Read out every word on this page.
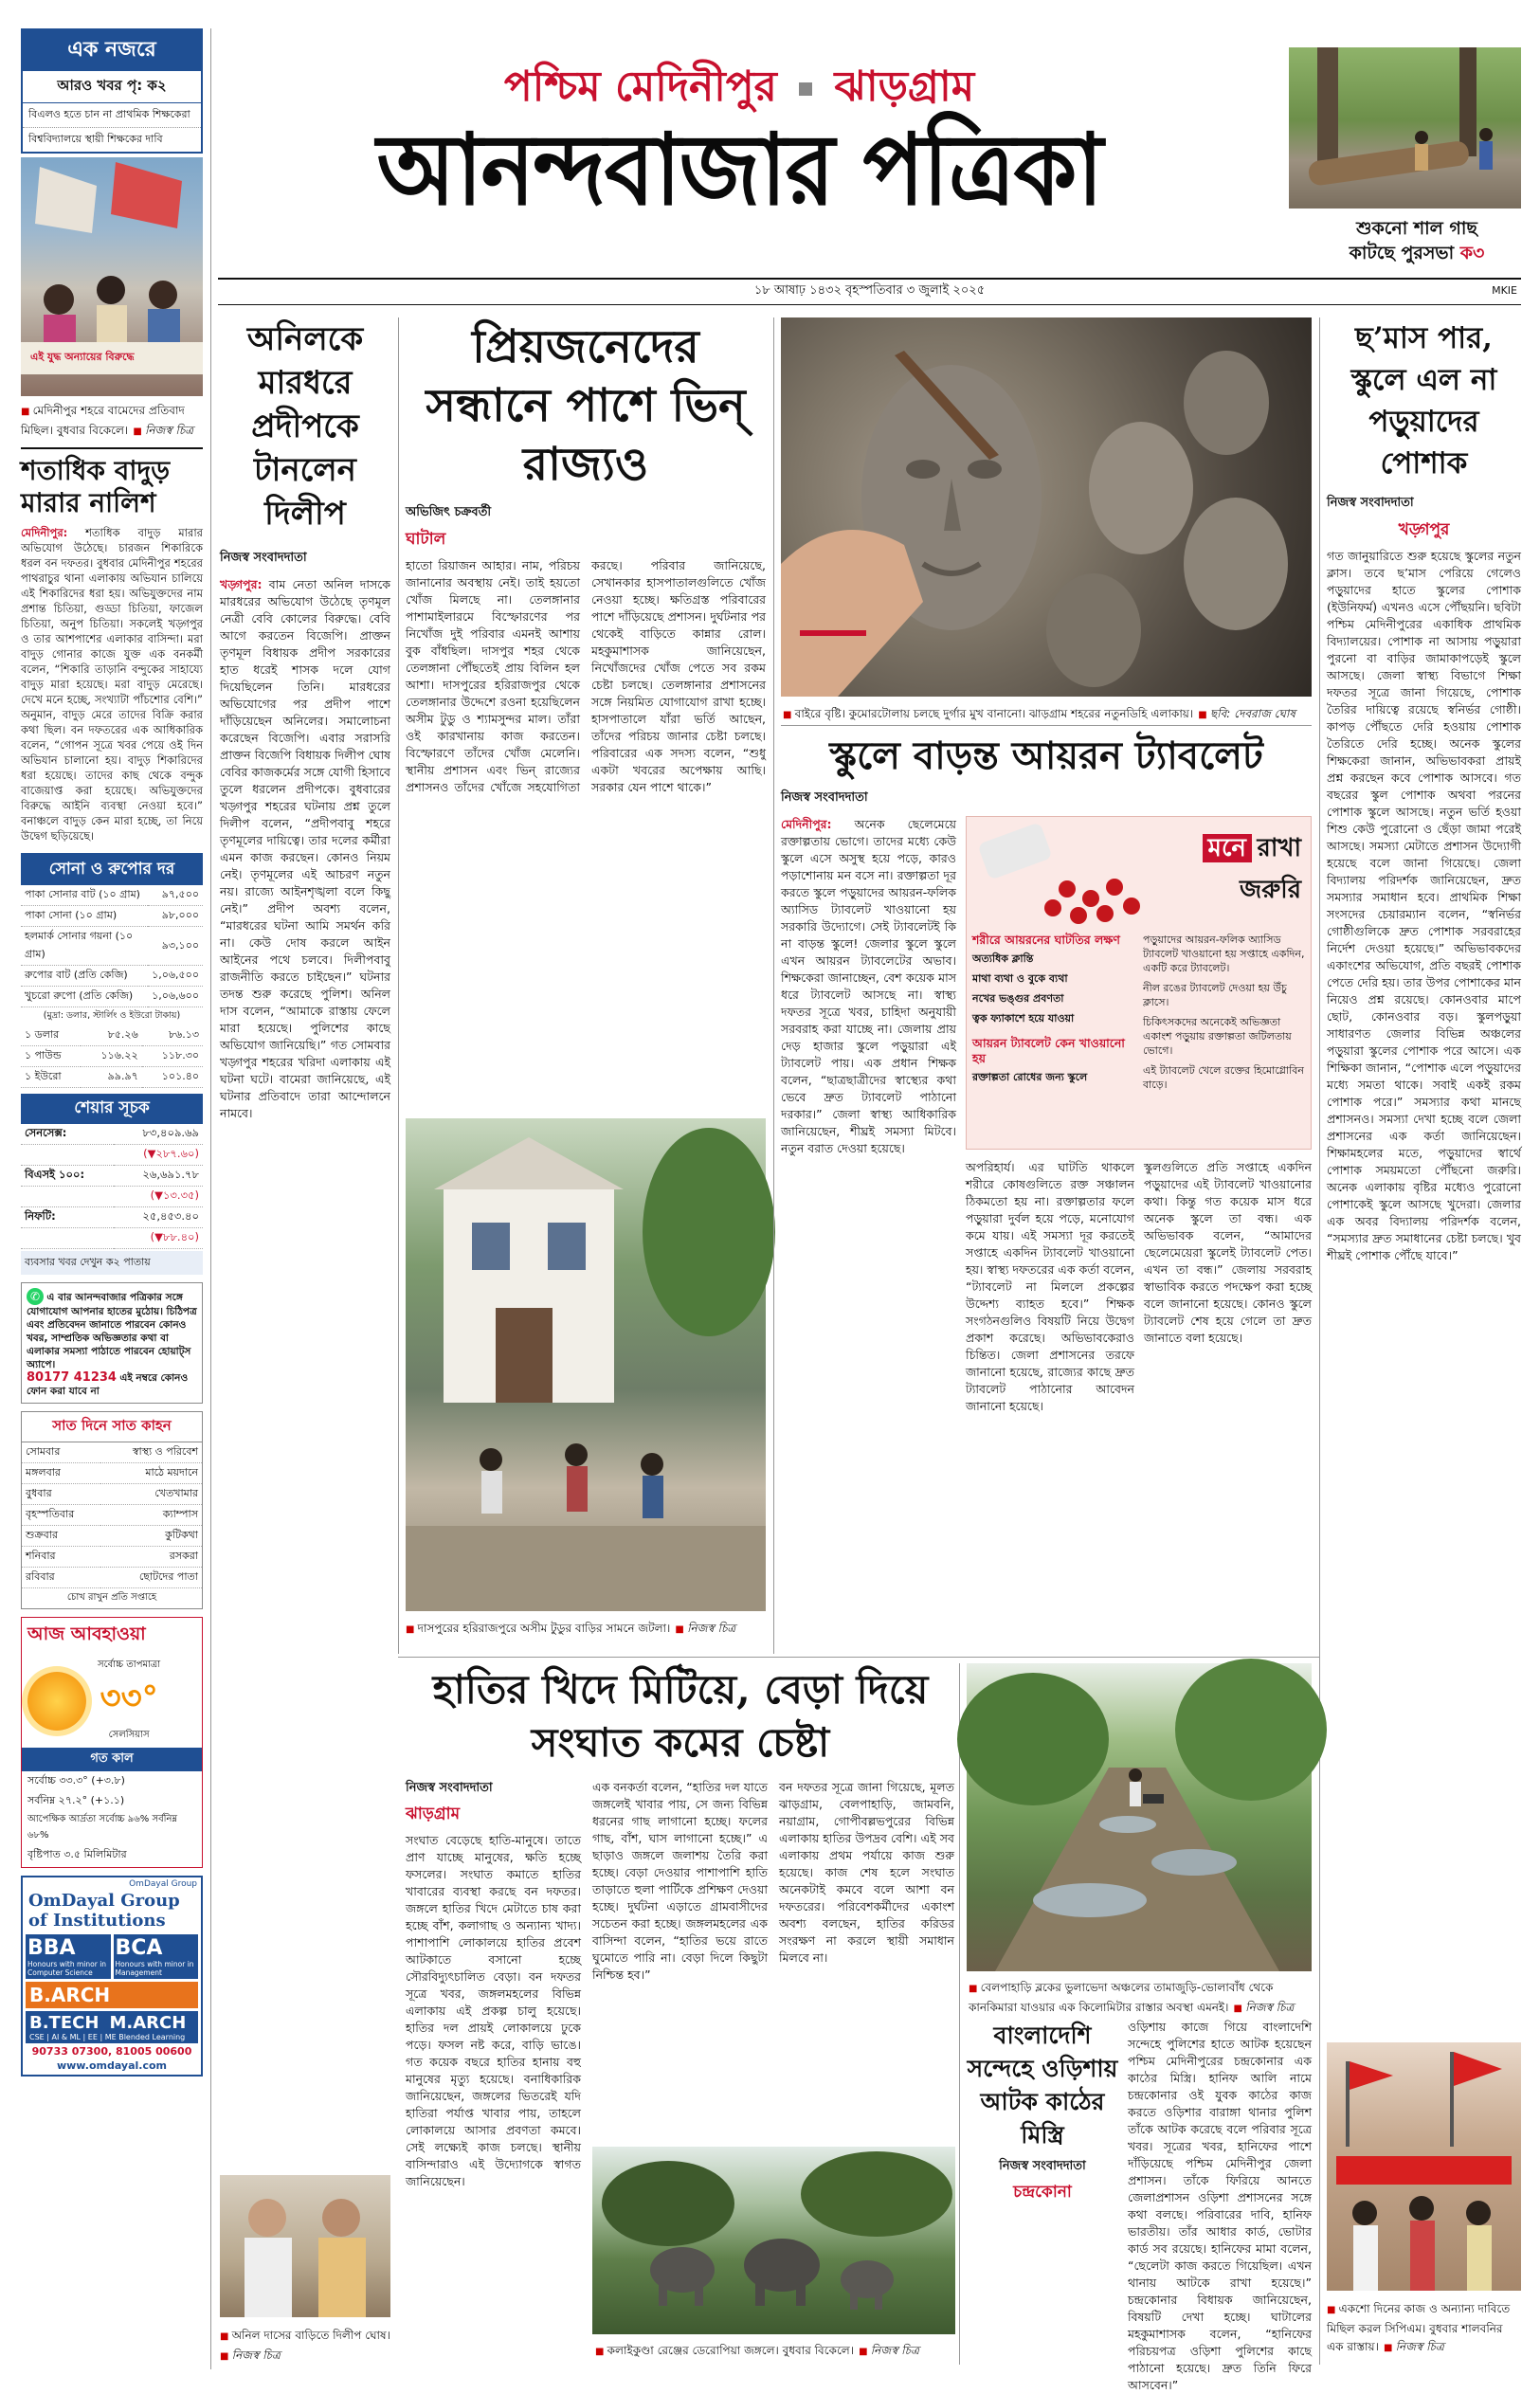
এক নজরে
আরও খবর পৃ: ক২
বিএলও হতে চান না প্রাথমিক শিক্ষকেরা
বিশ্ববিদ্যালয়ে স্থায়ী শিক্ষকের দাবি
এই যুদ্ধ অন্যায়ের বিরুদ্ধে
■ মেদিনীপুর শহরে বামেদের প্রতিবাদ মিছিল। বুধবার বিকেলে। ■ নিজস্ব চিত্র
শতাধিক বাদুড় মারার নালিশ
মেদিনীপুর: শতাধিক বাদুড় মারার অভিযোগ উঠেছে। চারজন শিকারিকে ধরল বন দফতর। বুধবার মেদিনীপুর শহরের পাথরাচুর থানা এলাকায় অভিযান চালিয়ে এই শিকারিদের ধরা হয়। অভিযুক্তদের নাম প্রশান্ত চিতিয়া, গুড্ডা চিতিয়া, ফাজেল চিতিয়া, অনুপ চিতিয়া। সকলেই খড়্গপুর ও তার আশপাশের এলাকার বাসিন্দা। মরা বাদুড় গোনার কাজে যুক্ত এক বনকর্মী বলেন, “শিকারি তাড়ানি বন্দুকের সাহায্যে বাদুড় মারা হয়েছে। মরা বাদুড় মেরেছে। দেখে মনে হচ্ছে, সংখ্যাটা পাঁচশোর বেশি।” অনুমান, বাদুড় মেরে তাদের বিক্রি করার কথা ছিল। বন দফতরের এক আধিকারিক বলেন, “গোপন সূত্রে খবর পেয়ে ওই দিন অভিযান চালানো হয়। বাদুড় শিকারিদের ধরা হয়েছে। তাদের কাছ থেকে বন্দুক বাজেয়াপ্ত করা হয়েছে। অভিযুক্তদের বিরুদ্ধে আইনি ব্যবস্থা নেওয়া হবে।” বনাঞ্চলে বাদুড় কেন মারা হচ্ছে, তা নিয়ে উদ্বেগ ছড়িয়েছে।
সোনা ও রুপোর দর
পাকা সোনার বাট (১০ গ্রাম)	৯৭,৫০০
পাকা সোনা (১০ গ্রাম)	৯৮,০০০
হলমার্ক সোনার গয়না (১০ গ্রাম)	৯৩,১০০
রুপোর বাট (প্রতি কেজি)	১,০৬,৫০০
খুচরো রুপো (প্রতি কেজি)	১,০৬,৬০০
(মুদ্রা: ডলার, স্টার্লিং ও ইউরো টাকায়)
১ ডলার	৮৫.২৬	৮৬.১৩
১ পাউন্ড	১১৬.২২	১১৮.৩০
১ ইউরো	৯৯.৯৭	১০১.৪০
শেয়ার সূচক
সেনসেক্স:	৮৩,৪০৯.৬৯
	(▼২৮৭.৬০)
বিএসই ১০০:	২৬,৬৯১.৭৮
	(▼১৩.৩৫)
নিফটি:	২৫,৪৫৩.৪০
	(▼৮৮.৪০)
ব্যবসার খবর দেখুন ক২ পাতায়
✆ এ বার আনন্দবাজার পত্রিকার সঙ্গে যোগাযোগ আপনার হাতের মুঠোয়। চিঠিপত্র এবং প্রতিবেদন জানাতে পারবেন কোনও খবর, সাম্প্রতিক অভিজ্ঞতার কথা বা এলাকার সমস্যা পাঠাতে পারবেন হোয়াট্স অ্যাপে।
80177 41234 এই নম্বরে কোনও ফোন করা যাবে না
সাত দিনে সাত কাহন
সোমবার	স্বাস্থ্য ও পরিবেশ
মঙ্গলবার	মাঠে ময়দানে
বুধবার	খেতখামার
বৃহস্পতিবার	ক্যাম্পাস
শুক্রবার	কুটিকথা
শনিবার	রসকরা
রবিবার	ছোটদের পাতা
চোখ রাখুন প্রতি সপ্তাহে
আজ আবহাওয়া
সর্বোচ্চ তাপমাত্রা
৩৩°
সেলসিয়াস
গত কাল
সর্বোচ্চ ৩৩.৩° (+৩.৮)
সর্বনিম্ন ২৭.২° (+১.১)
আপেক্ষিক আর্দ্রতা সর্বোচ্চ ৯৬% সর্বনিম্ন ৬৮%
বৃষ্টিপাত ৩.৫ মিলিমিটার
OmDayal Group
OmDayal Group of Institutions
BBA
Honours with minor in Computer Science
BCA
Honours with minor in Management
B.ARCH
B.TECH M.ARCH
CSE | AI & ML | EE | ME Blended Learning
90733 07300, 81005 00600
www.omdayal.com
পশ্চিম মেদিনীপুর ঝাড়গ্রাম
আনন্দবাজার পত্রিকা
শুকনো শাল গাছ
কাটছে পুরসভা ক৩
১৮ আষাঢ় ১৪৩২ বৃহস্পতিবার ৩ জুলাই ২০২৫	MKIE
অনিলকে মারধরে প্রদীপকে টানলেন দিলীপ
নিজস্ব সংবাদদাতা
খড়্গপুর: বাম নেতা অনিল দাসকে মারধরের অভিযোগ উঠেছে তৃণমূল নেত্রী বেবি কোলের বিরুদ্ধে। বেবি আগে করতেন বিজেপি। প্রাক্তন তৃণমূল বিধায়ক প্রদীপ সরকারের হাত ধরেই শাসক দলে যোগ দিয়েছিলেন তিনি। মারধরের অভিযোগের পর প্রদীপ পাশে দাঁড়িয়েছেন অনিলের। সমালোচনা করেছেন বিজেপি। এবার সরাসরি প্রাক্তন বিজেপি বিধায়ক দিলীপ ঘোষ বেবির কাজকর্মের সঙ্গে যোগী হিসাবে তুলে ধরলেন প্রদীপকে। বুধবারের খড়্গপুর শহরের ঘটনায় প্রশ্ন তুলে দিলীপ বলেন, “প্রদীপবাবু শহরে তৃণমূলের দায়িত্বে। তার দলের কর্মীরা এমন কাজ করছেন। কোনও নিয়ম নেই। তৃণমূলের এই আচরণ নতুন নয়। রাজ্যে আইনশৃঙ্খলা বলে কিছু নেই।” প্রদীপ অবশ্য বলেন, “মারধরের ঘটনা আমি সমর্থন করি না। কেউ দোষ করলে আইন আইনের পথে চলবে। দিলীপবাবু রাজনীতি করতে চাইছেন।” ঘটনার তদন্ত শুরু করেছে পুলিশ। অনিল দাস বলেন, “আমাকে রাস্তায় ফেলে মারা হয়েছে। পুলিশের কাছে অভিযোগ জানিয়েছি।” গত সোমবার খড়্গপুর শহরের খরিদা এলাকায় এই ঘটনা ঘটে। বামেরা জানিয়েছে, এই ঘটনার প্রতিবাদে তারা আন্দোলনে নামবে।
■ অনিল দাসের বাড়িতে দিলীপ ঘোষ। ■ নিজস্ব চিত্র
প্রিয়জনেদের সন্ধানে পাশে ভিন্ রাজ্যও
অভিজিৎ চক্রবর্তী
ঘাটাল
হাতো রিয়াজন আহার। নাম, পরিচয় জানানোর অবস্থায় নেই। তাই হয়তো খোঁজ মিলছে না। তেলঙ্গানার পাশামাইলারমে বিস্ফোরণের পর নিখোঁজ দুই পরিবার এমনই আশায় বুক বাঁধছিল। দাসপুর শহর থেকে তেলঙ্গানা পৌঁছতেই প্রায় বিলিন হল আশা। দাসপুরের হরিরাজপুর থেকে তেলঙ্গানার উদ্দেশে রওনা হয়েছিলেন অসীম টুডু ও শ্যামসুন্দর মাল। তাঁরা ওই কারখানায় কাজ করতেন। বিস্ফোরণে তাঁদের খোঁজ মেলেনি। স্থানীয় প্রশাসন এবং ভিন্ রাজ্যের প্রশাসনও তাঁদের খোঁজে সহযোগিতা করছে। পরিবার জানিয়েছে, সেখানকার হাসপাতালগুলিতে খোঁজ নেওয়া হচ্ছে। ক্ষতিগ্রস্ত পরিবারের পাশে দাঁড়িয়েছে প্রশাসন। দুর্ঘটনার পর থেকেই বাড়িতে কান্নার রোল। মহকুমাশাসক জানিয়েছেন, নিখোঁজদের খোঁজ পেতে সব রকম চেষ্টা চলছে। তেলঙ্গানার প্রশাসনের সঙ্গে নিয়মিত যোগাযোগ রাখা হচ্ছে। হাসপাতালে যাঁরা ভর্তি আছেন, তাঁদের পরিচয় জানার চেষ্টা চলছে। পরিবারের এক সদস্য বলেন, “শুধু একটা খবরের অপেক্ষায় আছি। সরকার যেন পাশে থাকে।”
■ দাসপুরের হরিরাজপুরে অসীম টুডুর বাড়ির সামনে জটলা। ■ নিজস্ব চিত্র
■ বাইরে বৃষ্টি। কুমোরটোলায় চলছে দুর্গার মুখ বানানো। ঝাড়গ্রাম শহরের নতুনডিহি এলাকায়। ■ ছবি: দেবরাজ ঘোষ
স্কুলে বাড়ন্ত আয়রন ট্যাবলেট
নিজস্ব সংবাদদাতা
মেদিনীপুর: অনেক ছেলেমেয়ে রক্তাল্পতায় ভোগে। তাদের মধ্যে কেউ স্কুলে এসে অসুস্থ হয়ে পড়ে, কারও পড়াশোনায় মন বসে না। রক্তাল্পতা দূর করতে স্কুলে পড়ুয়াদের আয়রন-ফলিক অ্যাসিড ট্যাবলেট খাওয়ানো হয় সরকারি উদ্যোগে। সেই ট্যাবলেটই কি না বাড়ন্ত স্কুলে! জেলার স্কুলে স্কুলে এখন আয়রন ট্যাবলেটের অভাব। শিক্ষকেরা জানাচ্ছেন, বেশ কয়েক মাস ধরে ট্যাবলেট আসছে না। স্বাস্থ্য দফতর সূত্রে খবর, চাহিদা অনুযায়ী সরবরাহ করা যাচ্ছে না। জেলায় প্রায় দেড় হাজার স্কুলে পড়ুয়ারা এই ট্যাবলেট পায়। এক প্রধান শিক্ষক বলেন, “ছাত্রছাত্রীদের স্বাস্থ্যের কথা ভেবে দ্রুত ট্যাবলেট পাঠানো দরকার।” জেলা স্বাস্থ্য আধিকারিক জানিয়েছেন, শীঘ্রই সমস্যা মিটবে। নতুন বরাত দেওয়া হয়েছে।
মনে রাখা
জরুরি
শরীরে আয়রনের ঘাটতির লক্ষণ
অত্যধিক ক্লান্তি
মাথা ব্যথা ও বুকে ব্যথা
নখের ভঙ্গুর প্রবণতা
ত্বক ফ্যাকাশে হয়ে যাওয়া
আয়রন ট্যাবলেট কেন খাওয়ানো হয়
রক্তাল্পতা রোধের জন্য স্কুলে
পড়ুয়াদের আয়রন-ফলিক অ্যাসিড ট্যাবলেট খাওয়ানো হয় সপ্তাহে একদিন, একটি করে ট্যাবলেট।
নীল রঙের ট্যাবলেট দেওয়া হয় উঁচু ক্লাসে।
চিকিৎসকদের অনেকেই অভিজ্ঞতা একাংশ পড়ুয়ায় রক্তাল্পতা জটিলতায় ভোগে।
এই ট্যাবলেট খেলে রক্তের হিমোগ্লোবিন বাড়ে।
অপরিহার্য। এর ঘাটতি থাকলে শরীরে কোষগুলিতে রক্ত সঞ্চালন ঠিকমতো হয় না। রক্তাল্পতার ফলে পড়ুয়ারা দুর্বল হয়ে পড়ে, মনোযোগ কমে যায়। এই সমস্যা দূর করতেই সপ্তাহে একদিন ট্যাবলেট খাওয়ানো হয়। স্বাস্থ্য দফতরের এক কর্তা বলেন, “ট্যাবলেট না মিললে প্রকল্পের উদ্দেশ্য ব্যাহত হবে।” শিক্ষক সংগঠনগুলিও বিষয়টি নিয়ে উদ্বেগ প্রকাশ করেছে। অভিভাবকেরাও চিন্তিত। জেলা প্রশাসনের তরফে জানানো হয়েছে, রাজ্যের কাছে দ্রুত ট্যাবলেট পাঠানোর আবেদন জানানো হয়েছে।
স্কুলগুলিতে প্রতি সপ্তাহে একদিন পড়ুয়াদের এই ট্যাবলেট খাওয়ানোর কথা। কিন্তু গত কয়েক মাস ধরে অনেক স্কুলে তা বন্ধ। এক অভিভাবক বলেন, “আমাদের ছেলেমেয়েরা স্কুলেই ট্যাবলেট পেত। এখন তা বন্ধ।” জেলায় সরবরাহ স্বাভাবিক করতে পদক্ষেপ করা হচ্ছে বলে জানানো হয়েছে। কোনও স্কুলে ট্যাবলেট শেষ হয়ে গেলে তা দ্রুত জানাতে বলা হয়েছে।
ছ’মাস পার, স্কুলে এল না পড়ুয়াদের পোশাক
নিজস্ব সংবাদদাতা
খড়্গপুর
গত জানুয়ারিতে শুরু হয়েছে স্কুলের নতুন ক্লাস। তবে ছ’মাস পেরিয়ে গেলেও পড়ুয়াদের হাতে স্কুলের পোশাক (ইউনিফর্ম) এখনও এসে পৌঁছয়নি। ছবিটা পশ্চিম মেদিনীপুরের একাধিক প্রাথমিক বিদ্যালয়ের। পোশাক না আসায় পড়ুয়ারা পুরনো বা বাড়ির জামাকাপড়েই স্কুলে আসছে। জেলা স্বাস্থ্য বিভাগে শিক্ষা দফতর সূত্রে জানা গিয়েছে, পোশাক তৈরির দায়িত্বে রয়েছে স্বনির্ভর গোষ্ঠী। কাপড় পৌঁছতে দেরি হওয়ায় পোশাক তৈরিতে দেরি হচ্ছে। অনেক স্কুলের শিক্ষকেরা জানান, অভিভাবকরা প্রায়ই প্রশ্ন করছেন কবে পোশাক আসবে। গত বছরের স্কুল পোশাক অথবা পরনের পোশাক স্কুলে আসছে। নতুন ভর্তি হওয়া শিশু কেউ পুরোনো ও ছেঁড়া জামা পরেই আসছে। সমস্যা মেটাতে প্রশাসন উদ্যোগী হয়েছে বলে জানা গিয়েছে। জেলা বিদ্যালয় পরিদর্শক জানিয়েছেন, দ্রুত সমস্যার সমাধান হবে। প্রাথমিক শিক্ষা সংসদের চেয়ারম্যান বলেন, “স্বনির্ভর গোষ্ঠীগুলিকে দ্রুত পোশাক সরবরাহের নির্দেশ দেওয়া হয়েছে।” অভিভাবকদের একাংশের অভিযোগ, প্রতি বছরই পোশাক পেতে দেরি হয়। তার উপর পোশাকের মান নিয়েও প্রশ্ন রয়েছে। কোনওবার মাপে ছোট, কোনওবার বড়। স্কুলপড়ুয়া সাধারণত জেলার বিভিন্ন অঞ্চলের পড়ুয়ারা স্কুলের পোশাক পরে আসে। এক শিক্ষিকা জানান, “পোশাক এলে পড়ুয়াদের মধ্যে সমতা থাকে। সবাই একই রকম পোশাক পরে।” সমস্যার কথা মানছে প্রশাসনও। সমস্যা দেখা হচ্ছে বলে জেলা প্রশাসনের এক কর্তা জানিয়েছেন। শিক্ষামহলের মতে, পড়ুয়াদের স্বার্থে পোশাক সময়মতো পৌঁছনো জরুরি। অনেক এলাকায় বৃষ্টির মধ্যেও পুরোনো পোশাকেই স্কুলে আসছে খুদেরা। জেলার এক অবর বিদ্যালয় পরিদর্শক বলেন, “সমস্যার দ্রুত সমাধানের চেষ্টা চলছে। খুব শীঘ্রই পোশাক পৌঁছে যাবে।”
■ একশো দিনের কাজ ও অন্যান্য দাবিতে মিছিল করল সিপিএম। বুধবার শালবনির এক রাস্তায়। ■ নিজস্ব চিত্র
হাতির খিদে মিটিয়ে, বেড়া দিয়ে সংঘাত কমের চেষ্টা
নিজস্ব সংবাদদাতা
ঝাড়গ্রাম
সংঘাত বেড়েছে হাতি-মানুষে। তাতে প্রাণ যাচ্ছে মানুষের, ক্ষতি হচ্ছে ফসলের। সংঘাত কমাতে হাতির খাবারের ব্যবস্থা করছে বন দফতর। জঙ্গলে হাতির খিদে মেটাতে চাষ করা হচ্ছে বাঁশ, কলাগাছ ও অন্যান্য খাদ্য। পাশাপাশি লোকালয়ে হাতির প্রবেশ আটকাতে বসানো হচ্ছে সৌরবিদ্যুৎচালিত বেড়া। বন দফতর সূত্রে খবর, জঙ্গলমহলের বিভিন্ন এলাকায় এই প্রকল্প চালু হয়েছে। হাতির দল প্রায়ই লোকালয়ে ঢুকে পড়ে। ফসল নষ্ট করে, বাড়ি ভাঙে। গত কয়েক বছরে হাতির হানায় বহু মানুষের মৃত্যু হয়েছে। বনাধিকারিক জানিয়েছেন, জঙ্গলের ভিতরেই যদি হাতিরা পর্যাপ্ত খাবার পায়, তাহলে লোকালয়ে আসার প্রবণতা কমবে। সেই লক্ষ্যেই কাজ চলছে। স্থানীয় বাসিন্দারাও এই উদ্যোগকে স্বাগত জানিয়েছেন।
এক বনকর্তা বলেন, “হাতির দল যাতে জঙ্গলেই খাবার পায়, সে জন্য বিভিন্ন ধরনের গাছ লাগানো হচ্ছে। ফলের গাছ, বাঁশ, ঘাস লাগানো হচ্ছে।” এ ছাড়াও জঙ্গলে জলাশয় তৈরি করা হচ্ছে। বেড়া দেওয়ার পাশাপাশি হাতি তাড়াতে হুলা পার্টিকে প্রশিক্ষণ দেওয়া হচ্ছে। দুর্ঘটনা এড়াতে গ্রামবাসীদের সচেতন করা হচ্ছে। জঙ্গলমহলের এক বাসিন্দা বলেন, “হাতির ভয়ে রাতে ঘুমোতে পারি না। বেড়া দিলে কিছুটা নিশ্চিন্ত হব।”
বন দফতর সূত্রে জানা গিয়েছে, মূলত ঝাড়গ্রাম, বেলপাহাড়ি, জামবনি, নয়াগ্রাম, গোপীবল্লভপুরের বিভিন্ন এলাকায় হাতির উপদ্রব বেশি। এই সব এলাকায় প্রথম পর্যায়ে কাজ শুরু হয়েছে। কাজ শেষ হলে সংঘাত অনেকটাই কমবে বলে আশা বন দফতরের। পরিবেশকর্মীদের একাংশ অবশ্য বলছেন, হাতির করিডর সংরক্ষণ না করলে স্থায়ী সমাধান মিলবে না।
■ কলাইকুণ্ডা রেঞ্জের ডেরোপিয়া জঙ্গলে। বুধবার বিকেলে। ■ নিজস্ব চিত্র
■ বেলপাহাড়ি ব্লকের ভুলাভেদা অঞ্চলের তামাজুড়ি-ভোলাবাঁধ থেকে কানকিমারা যাওয়ার এক কিলোমিটার রাস্তার অবস্থা এমনই। ■ নিজস্ব চিত্র
বাংলাদেশি সন্দেহে ওড়িশায় আটক কাঠের মিস্ত্রি
নিজস্ব সংবাদদাতা
চন্দ্রকোনা
ওড়িশায় কাজে গিয়ে বাংলাদেশি সন্দেহে পুলিশের হাতে আটক হয়েছেন পশ্চিম মেদিনীপুরের চন্দ্রকোনার এক কাঠের মিস্ত্রি। হানিফ আলি নামে চন্দ্রকোনার ওই যুবক কাঠের কাজ করতে ওড়িশার বারাঙ্গা থানার পুলিশ তাঁকে আটক করেছে বলে পরিবার সূত্রে খবর। সূত্রের খবর, হানিফের পাশে দাঁড়িয়েছে পশ্চিম মেদিনীপুর জেলা প্রশাসন। তাঁকে ফিরিয়ে আনতে জেলাপ্রশাসন ওড়িশা প্রশাসনের সঙ্গে কথা বলছে। পরিবারের দাবি, হানিফ ভারতীয়। তাঁর আধার কার্ড, ভোটার কার্ড সব রয়েছে। হানিফের মামা বলেন, “ছেলেটা কাজ করতে গিয়েছিল। এখন থানায় আটকে রাখা হয়েছে।” চন্দ্রকোনার বিধায়ক জানিয়েছেন, বিষয়টি দেখা হচ্ছে। ঘাটালের মহকুমাশাসক বলেন, “হানিফের পরিচয়পত্র ওড়িশা পুলিশের কাছে পাঠানো হয়েছে। দ্রুত তিনি ফিরে আসবেন।”
